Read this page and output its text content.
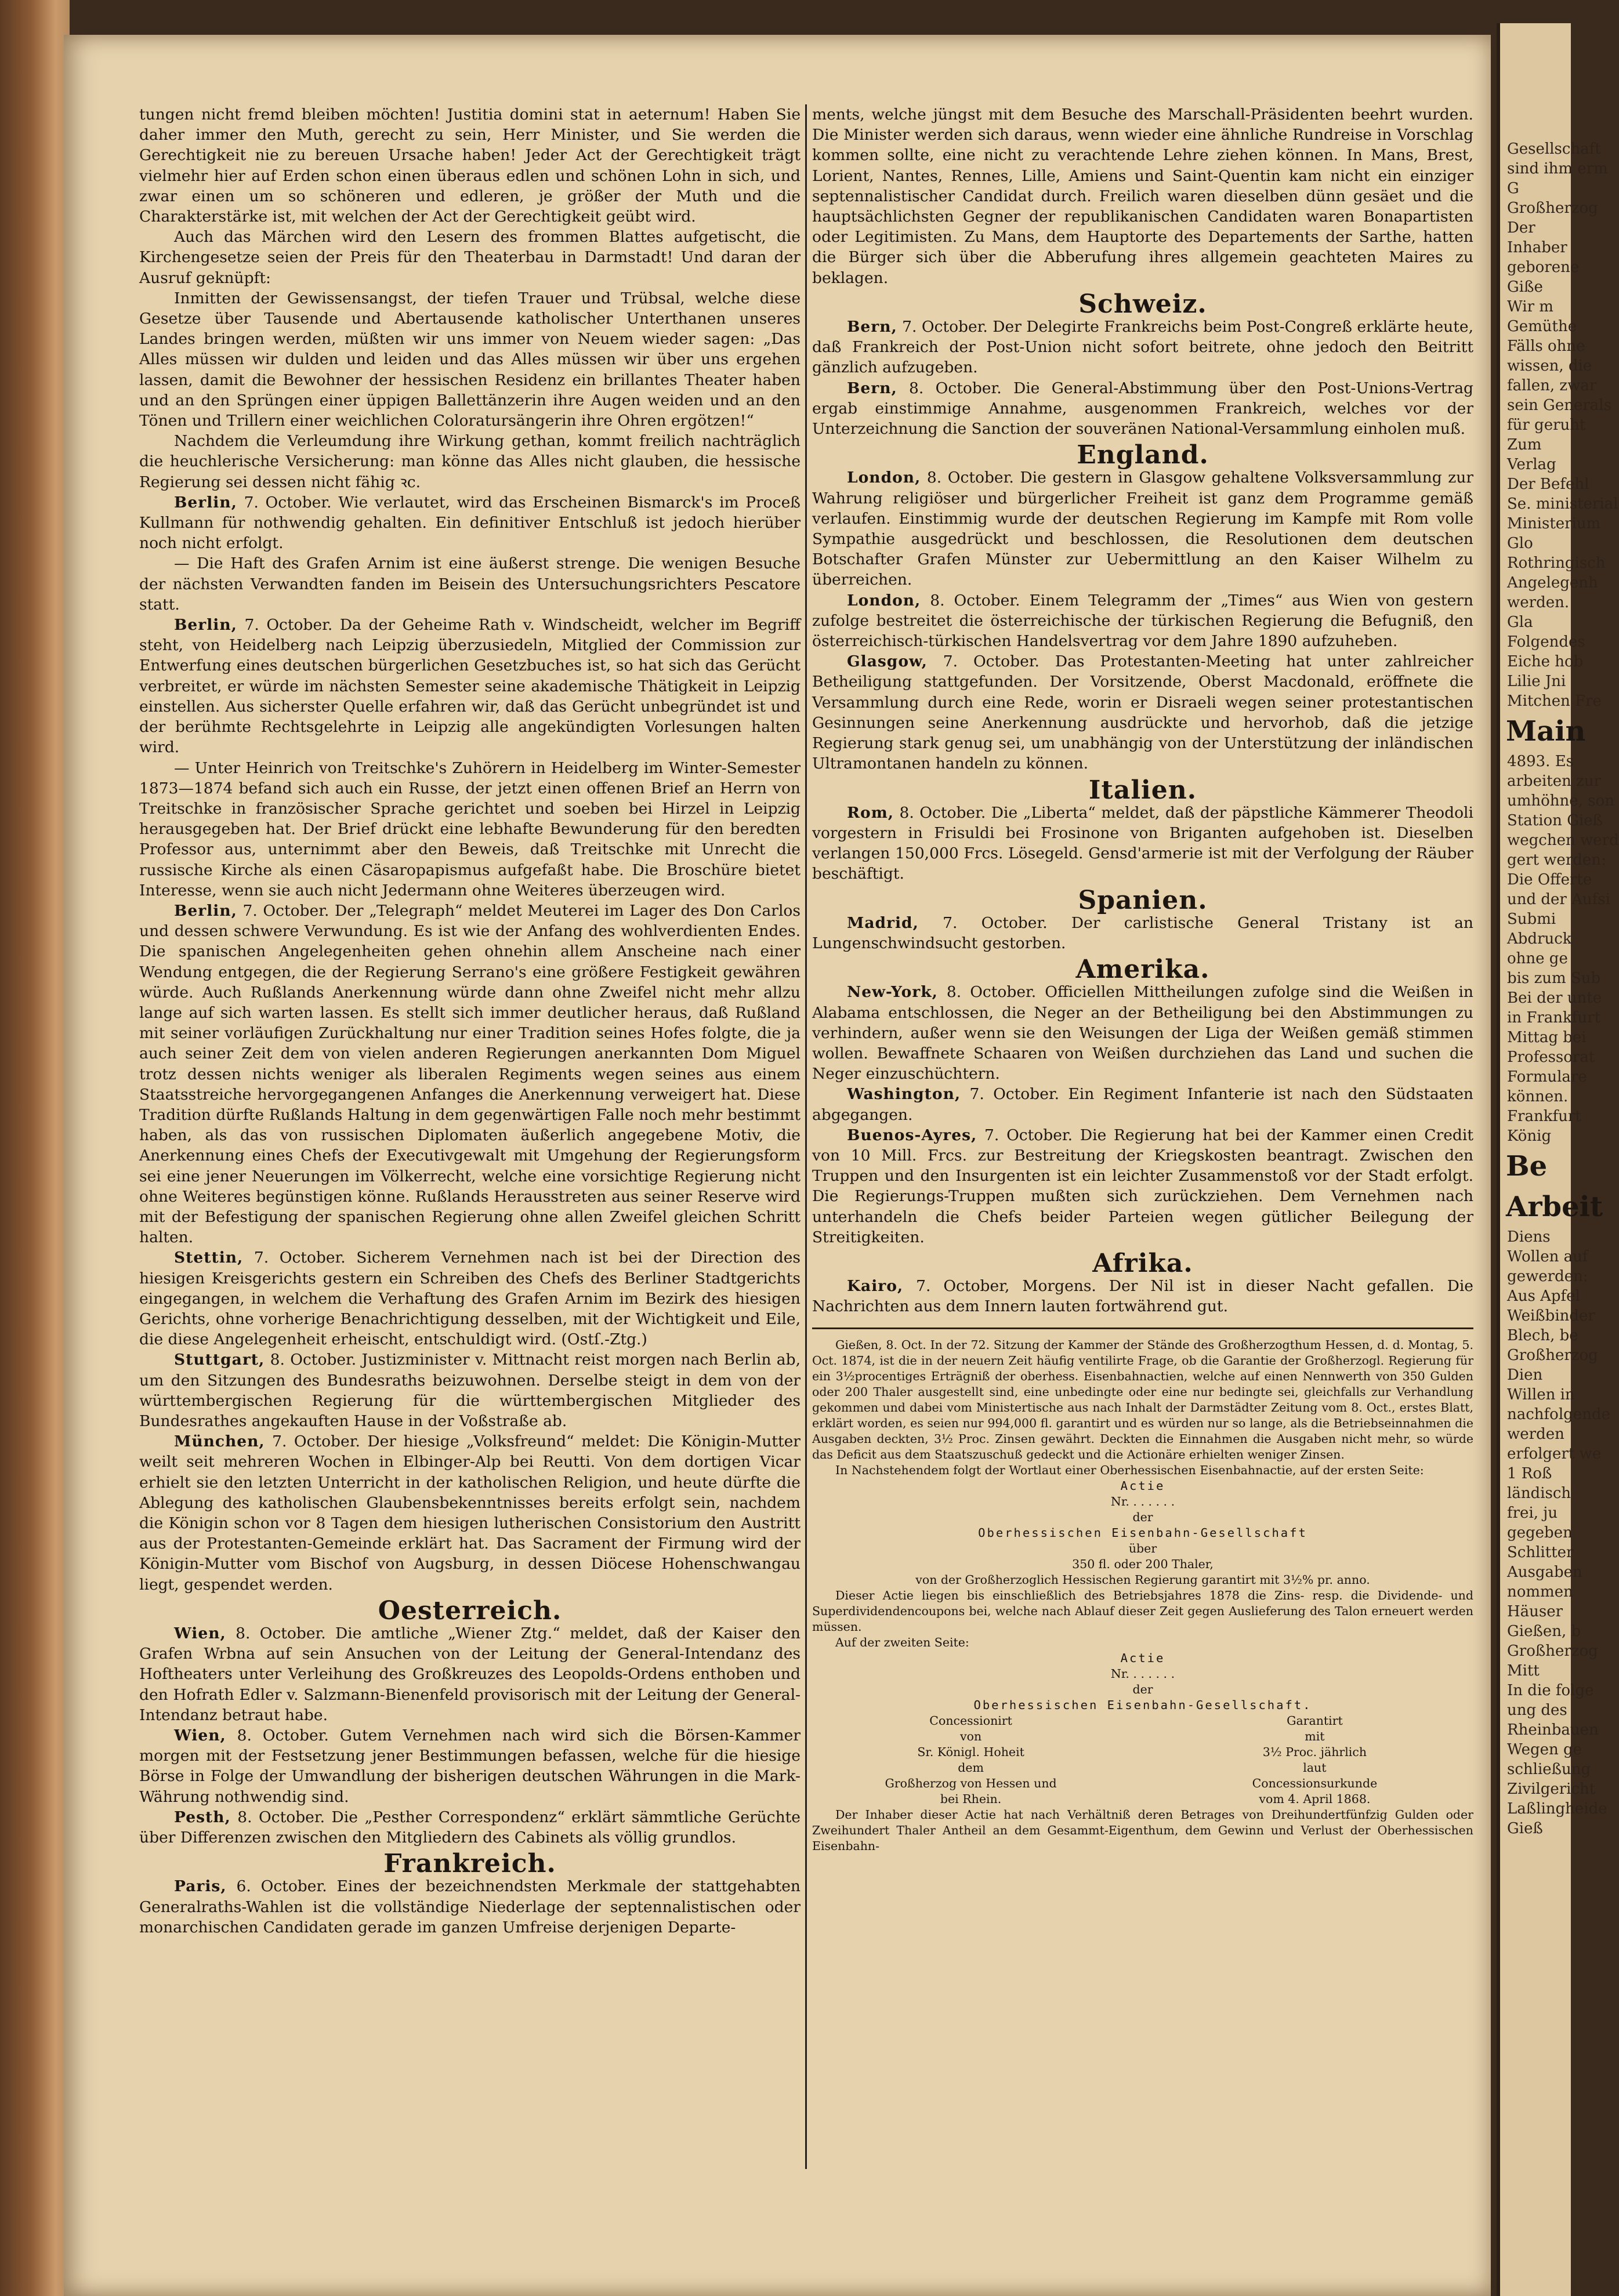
tungen nicht fremd bleiben möchten! Justitia domini stat in aeternum! Haben Sie daher immer den Muth, gerecht zu sein, Herr Minister, und Sie werden die Gerechtigkeit nie zu bereuen Ursache haben! Jeder Act der Gerechtigkeit trägt vielmehr hier auf Erden schon einen überaus edlen und schönen Lohn in sich, und zwar einen um so schöneren und edleren, je größer der Muth und die Charakterstärke ist, mit welchen der Act der Gerechtigkeit geübt wird.

Auch das Märchen wird den Lesern des frommen Blattes aufgetischt, die Kirchengesetze seien der Preis für den Theaterbau in Darmstadt! Und daran der Ausruf geknüpft:

Inmitten der Gewissensangst, der tiefen Trauer und Trübsal, welche diese Gesetze über Tausende und Abertausende katholischer Unterthanen unseres Landes bringen werden, müßten wir uns immer von Neuem wieder sagen: „Das Alles müssen wir dulden und leiden und das Alles müssen wir über uns ergehen lassen, damit die Bewohner der hessischen Residenz ein brillantes Theater haben und an den Sprüngen einer üppigen Ballettänzerin ihre Augen weiden und an den Tönen und Trillern einer weichlichen Coloratursängerin ihre Ohren ergötzen!“

Nachdem die Verleumdung ihre Wirkung gethan, kommt freilich nachträglich die heuchlerische Versicherung: man könne das Alles nicht glauben, die hessische Regierung sei dessen nicht fähig ꝛc.

Berlin, 7. October. Wie verlautet, wird das Erscheinen Bismarck's im Proceß Kullmann für nothwendig gehalten. Ein definitiver Entschluß ist jedoch hierüber noch nicht erfolgt.

— Die Haft des Grafen Arnim ist eine äußerst strenge. Die wenigen Besuche der nächsten Verwandten fanden im Beisein des Untersuchungsrichters Pescatore statt.

Berlin, 7. October. Da der Geheime Rath v. Windscheidt, welcher im Begriff steht, von Heidelberg nach Leipzig überzusiedeln, Mitglied der Commission zur Entwerfung eines deutschen bürgerlichen Gesetzbuches ist, so hat sich das Gerücht verbreitet, er würde im nächsten Semester seine akademische Thätigkeit in Leipzig einstellen. Aus sicherster Quelle erfahren wir, daß das Gerücht unbegründet ist und der berühmte Rechtsgelehrte in Leipzig alle angekündigten Vorlesungen halten wird.

— Unter Heinrich von Treitschke's Zuhörern in Heidelberg im Winter-Semester 1873—1874 befand sich auch ein Russe, der jetzt einen offenen Brief an Herrn von Treitschke in französischer Sprache gerichtet und soeben bei Hirzel in Leipzig herausgegeben hat. Der Brief drückt eine lebhafte Bewunderung für den beredten Professor aus, unternimmt aber den Beweis, daß Treitschke mit Unrecht die russische Kirche als einen Cäsaropapismus aufgefaßt habe. Die Broschüre bietet Interesse, wenn sie auch nicht Jedermann ohne Weiteres überzeugen wird.

Berlin, 7. October. Der „Telegraph“ meldet Meuterei im Lager des Don Carlos und dessen schwere Verwundung. Es ist wie der Anfang des wohlverdienten Endes. Die spanischen Angelegenheiten gehen ohnehin allem Anscheine nach einer Wendung entgegen, die der Regierung Serrano's eine größere Festigkeit gewähren würde. Auch Rußlands Anerkennung würde dann ohne Zweifel nicht mehr allzu lange auf sich warten lassen. Es stellt sich immer deutlicher heraus, daß Rußland mit seiner vorläufigen Zurückhaltung nur einer Tradition seines Hofes folgte, die ja auch seiner Zeit dem von vielen anderen Regierungen anerkannten Dom Miguel trotz dessen nichts weniger als liberalen Regiments wegen seines aus einem Staatsstreiche hervorgegangenen Anfanges die Anerkennung verweigert hat. Diese Tradition dürfte Rußlands Haltung in dem gegenwärtigen Falle noch mehr bestimmt haben, als das von russischen Diplomaten äußerlich angegebene Motiv, die Anerkennung eines Chefs der Executivgewalt mit Umgehung der Regierungsform sei eine jener Neuerungen im Völkerrecht, welche eine vorsichtige Regierung nicht ohne Weiteres begünstigen könne. Rußlands Herausstreten aus seiner Reserve wird mit der Befestigung der spanischen Regierung ohne allen Zweifel gleichen Schritt halten.

Stettin, 7. October. Sicherem Vernehmen nach ist bei der Direction des hiesigen Kreisgerichts gestern ein Schreiben des Chefs des Berliner Stadtgerichts eingegangen, in welchem die Verhaftung des Grafen Arnim im Bezirk des hiesigen Gerichts, ohne vorherige Benachrichtigung desselben, mit der Wichtigkeit und Eile, die diese Angelegenheit erheischt, entschuldigt wird. (Ostſ.-Ztg.)

Stuttgart, 8. October. Justizminister v. Mittnacht reist morgen nach Berlin ab, um den Sitzungen des Bundesraths beizuwohnen. Derselbe steigt in dem von der württembergischen Regierung für die württembergischen Mitglieder des Bundesrathes angekauften Hause in der Voßstraße ab.

München, 7. October. Der hiesige „Volksfreund“ meldet: Die Königin-Mutter weilt seit mehreren Wochen in Elbinger-Alp bei Reutti. Von dem dortigen Vicar erhielt sie den letzten Unterricht in der katholischen Religion, und heute dürfte die Ablegung des katholischen Glaubensbekenntnisses bereits erfolgt sein, nachdem die Königin schon vor 8 Tagen dem hiesigen lutherischen Consistorium den Austritt aus der Protestanten-Gemeinde erklärt hat. Das Sacrament der Firmung wird der Königin-Mutter vom Bischof von Augsburg, in dessen Diöcese Hohenschwangau liegt, gespendet werden.

Oesterreich.

Wien, 8. October. Die amtliche „Wiener Ztg.“ meldet, daß der Kaiser den Grafen Wrbna auf sein Ansuchen von der Leitung der General-Intendanz des Hoftheaters unter Verleihung des Großkreuzes des Leopolds-Ordens enthoben und den Hofrath Edler v. Salzmann-Bienenfeld provisorisch mit der Leitung der General-Intendanz betraut habe.

Wien, 8. October. Gutem Vernehmen nach wird sich die Börsen-Kammer morgen mit der Festsetzung jener Bestimmungen befassen, welche für die hiesige Börse in Folge der Umwandlung der bisherigen deutschen Währungen in die Mark-Währung nothwendig sind.

Pesth, 8. October. Die „Pesther Correspondenz“ erklärt sämmtliche Gerüchte über Differenzen zwischen den Mitgliedern des Cabinets als völlig grundlos.

Frankreich.

Paris, 6. October. Eines der bezeichnendsten Merkmale der stattgehabten Generalraths-Wahlen ist die vollständige Niederlage der septennalistischen oder monarchischen Candidaten gerade im ganzen Umfreise derjenigen Departe-

ments, welche jüngst mit dem Besuche des Marschall-Präsidenten beehrt wurden. Die Minister werden sich daraus, wenn wieder eine ähnliche Rundreise in Vorschlag kommen sollte, eine nicht zu verachtende Lehre ziehen können. In Mans, Brest, Lorient, Nantes, Rennes, Lille, Amiens und Saint-Quentin kam nicht ein einziger septennalistischer Candidat durch. Freilich waren dieselben dünn gesäet und die hauptsächlichsten Gegner der republikanischen Candidaten waren Bonapartisten oder Legitimisten. Zu Mans, dem Hauptorte des Departements der Sarthe, hatten die Bürger sich über die Abberufung ihres allgemein geachteten Maires zu beklagen.

Schweiz.

Bern, 7. October. Der Delegirte Frankreichs beim Post-Congreß erklärte heute, daß Frankreich der Post-Union nicht sofort beitrete, ohne jedoch den Beitritt gänzlich aufzugeben.

Bern, 8. October. Die General-Abstimmung über den Post-Unions-Vertrag ergab einstimmige Annahme, ausgenommen Frankreich, welches vor der Unterzeichnung die Sanction der souveränen National-Versammlung einholen muß.

England.

London, 8. October. Die gestern in Glasgow gehaltene Volksversammlung zur Wahrung religiöser und bürgerlicher Freiheit ist ganz dem Programme gemäß verlaufen. Einstimmig wurde der deutschen Regierung im Kampfe mit Rom volle Sympathie ausgedrückt und beschlossen, die Resolutionen dem deutschen Botschafter Grafen Münster zur Uebermittlung an den Kaiser Wilhelm zu überreichen.

London, 8. October. Einem Telegramm der „Times“ aus Wien von gestern zufolge bestreitet die österreichische der türkischen Regierung die Befugniß, den österreichisch-türkischen Handelsvertrag vor dem Jahre 1890 aufzuheben.

Glasgow, 7. October. Das Protestanten-Meeting hat unter zahlreicher Betheiligung stattgefunden. Der Vorsitzende, Oberst Macdonald, eröffnete die Versammlung durch eine Rede, worin er Disraeli wegen seiner protestantischen Gesinnungen seine Anerkennung ausdrückte und hervorhob, daß die jetzige Regierung stark genug sei, um unabhängig von der Unterstützung der inländischen Ultramontanen handeln zu können.

Italien.

Rom, 8. October. Die „Liberta“ meldet, daß der päpstliche Kämmerer Theodoli vorgestern in Frisuldi bei Frosinone von Briganten aufgehoben ist. Dieselben verlangen 150,000 Frcs. Lösegeld. Gensd'armerie ist mit der Verfolgung der Räuber beschäftigt.

Spanien.

Madrid, 7. October. Der carlistische General Tristany ist an Lungenschwindsucht gestorben.

Amerika.

New-York, 8. October. Officiellen Mittheilungen zufolge sind die Weißen in Alabama entschlossen, die Neger an der Betheiligung bei den Abstimmungen zu verhindern, außer wenn sie den Weisungen der Liga der Weißen gemäß stimmen wollen. Bewaffnete Schaaren von Weißen durchziehen das Land und suchen die Neger einzuschüchtern.

Washington, 7. October. Ein Regiment Infanterie ist nach den Südstaaten abgegangen.

Buenos-Ayres, 7. October. Die Regierung hat bei der Kammer einen Credit von 10 Mill. Frcs. zur Bestreitung der Kriegskosten beantragt. Zwischen den Truppen und den Insurgenten ist ein leichter Zusammenstoß vor der Stadt erfolgt. Die Regierungs-Truppen mußten sich zurückziehen. Dem Vernehmen nach unterhandeln die Chefs beider Parteien wegen gütlicher Beilegung der Streitigkeiten.

Afrika.

Kairo, 7. October, Morgens. Der Nil ist in dieser Nacht gefallen. Die Nachrichten aus dem Innern lauten fortwährend gut.

Gießen, 8. Oct. In der 72. Sitzung der Kammer der Stände des Großherzogthum Hessen, d. d. Montag, 5. Oct. 1874, ist die in der neuern Zeit häufig ventilirte Frage, ob die Garantie der Großherzogl. Regierung für ein 3½procentiges Erträgniß der oberhess. Eisenbahnactien, welche auf einen Nennwerth von 350 Gulden oder 200 Thaler ausgestellt sind, eine unbedingte oder eine nur bedingte sei, gleichfalls zur Verhandlung gekommen und dabei vom Ministertische aus nach Inhalt der Darmstädter Zeitung vom 8. Oct., erstes Blatt, erklärt worden, es seien nur 994,000 fl. garantirt und es würden nur so lange, als die Betriebseinnahmen die Ausgaben deckten, 3½ Proc. Zinsen gewährt. Deckten die Einnahmen die Ausgaben nicht mehr, so würde das Deficit aus dem Staatszuschuß gedeckt und die Actionäre erhielten weniger Zinsen.

In Nachstehendem folgt der Wortlaut einer Oberhessischen Eisenbahnactie, auf der ersten Seite:

Actie

Nr. . . . . . .

der

Oberhessischen Eisenbahn-Gesellschaft

über

350 fl. oder 200 Thaler,

von der Großherzoglich Hessischen Regierung garantirt mit 3½% pr. anno.

Dieser Actie liegen bis einschließlich des Betriebsjahres 1878 die Zins- resp. die Dividende- und Superdividendencoupons bei, welche nach Ablauf dieser Zeit gegen Auslieferung des Talon erneuert werden müssen.

Auf der zweiten Seite:

Actie

Nr. . . . . . .

der

Oberhessischen Eisenbahn-Gesellschaft.

Concessionirt
von
Sr. Königl. Hoheit
dem
Großherzog von Hessen und
bei Rhein.
Garantirt
mit
3½ Proc. jährlich
laut
Concessionsurkunde
vom 4. April 1868.

Der Inhaber dieser Actie hat nach Verhältniß deren Betrages von Dreihundertfünfzig Gulden oder Zweihundert Thaler Antheil an dem Gesammt-Eigenthum, dem Gewinn und Verlust der Oberhessischen Eisenbahn-

Gesellschaft
sind ihm erm
G
Großherzog
Der
Inhaber
geborene
Giße
Wir m
Gemüthe
Fälls ohne
wissen, die
fallen, zwar
sein Generals
für geruht
Zum
Verlag
Der Befehl
Se. ministerial
Ministerium
Glo
Rothringisch
Angelegenh
werden.
Gla
Folgendes
Eiche hob
Lilie Jni
Mitchen Fre
Main
4893. Es
arbeiten zur
umhöhne, son
Station Gieß
wegchen werd
gert werden:
Die Offerte
und der Aufsi
Submi
Abdruck
ohne ge
bis zum Sub
Bei der unte
in Frankfurt
Mittag bei
Professorat
Formulare
können.
Frankfurt
König
Be
Arbeit
Diens
Wollen auf
gewerden:
Aus Apfel
Weißbinder
Blech, be
Großherzog
Dien
Willen in
nachfolgende
werden
erfolgert we
1 Roß
ländisch
frei, ju
gegeben
Schlitter
Ausgaben
nommen
Häuser
Gießen, b
Großherzog
Mitt
In die folge
ung des
Rheinbauen
Wegen ge
schließung
Zivilgericht
Laßlingheide
Gieß
